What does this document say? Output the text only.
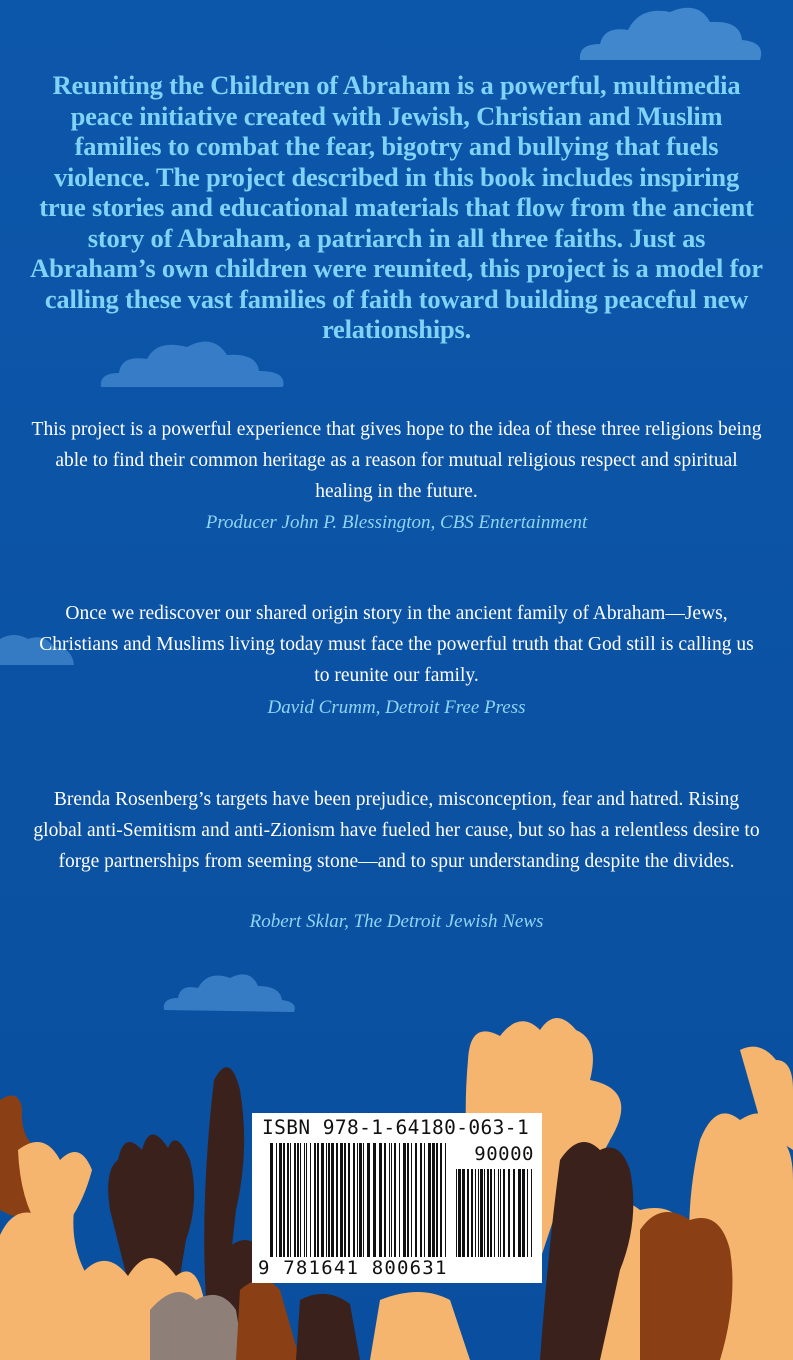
Reuniting the Children of Abraham is a powerful, multimedia peace initiative created with Jewish, Christian and Muslim families to combat the fear, bigotry and bullying that fuels violence. The project described in this book includes inspiring true stories and educational materials that flow from the ancient story of Abraham, a patriarch in all three faiths. Just as Abraham’s own children were reunited, this project is a model for calling these vast families of faith toward building peaceful new relationships.
This project is a powerful experience that gives hope to the idea of these three religions being able to find their common heritage as a reason for mutual religious respect and spiritual healing in the future.
Producer John P. Blessington, CBS Entertainment
Once we rediscover our shared origin story in the ancient family of Abraham—Jews, Christians and Muslims living today must face the powerful truth that God still is calling us to reunite our family.
David Crumm, Detroit Free Press
Brenda Rosenberg’s targets have been prejudice, misconception, fear and hatred. Rising global anti-Semitism and anti-Zionism have fueled her cause, but so has a relentless desire to forge partnerships from seeming stone—and to spur understanding despite the divides.
Robert Sklar, The Detroit Jewish News
ISBN 978-1-64180-063-1
90000
9 781641 800631
